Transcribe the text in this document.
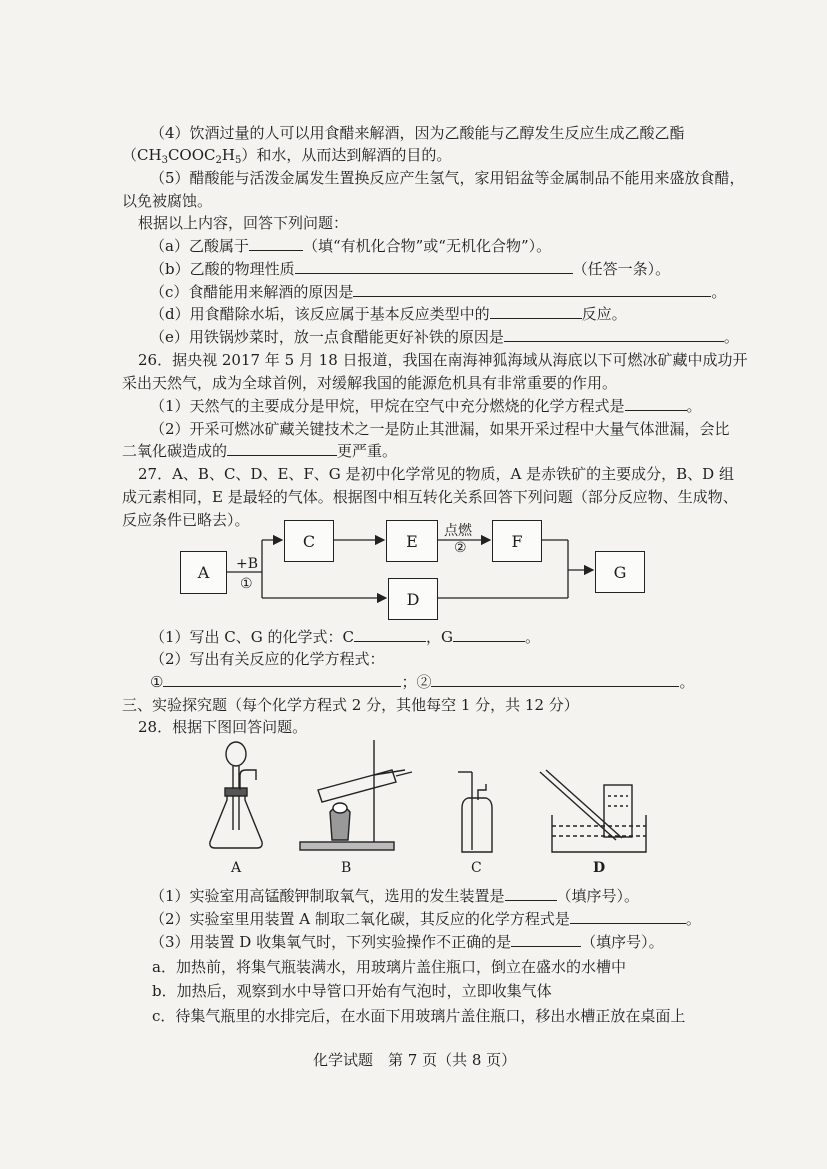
（4）饮酒过量的人可以用食醋来解酒，因为乙酸能与乙醇发生反应生成乙酸乙酯
$(CH_3COOC_2H_5)$和水，从而达到解酒的目的。
（5）醋酸能与活泼金属发生置换反应产生氢气，家用铝盆等金属制品不能用来盛放食醋，
以免被腐蚀。
根据以上内容，回答下列问题：
（a）乙酸属于	（填“有机化合物”或“无机化合物”）。
（b）乙酸的物理性质	（任答一条）。
（c）食醋能用来解酒的原因是	。
（d）用食醋除水垢，该反应属于基本反应类型中的	反应。
（e）用铁锅炒菜时，放一点食醋能更好补铁的原因是	。
26．据央视 2017 年 5 月 18 日报道，我国在南海神狐海域从海底以下可燃冰矿藏中成功开
采出天然气，成为全球首例，对缓解我国的能源危机具有非常重要的作用。
（1）天然气的主要成分是甲烷，甲烷在空气中充分燃烧的化学方程式是	。
（2）开采可燃冰矿藏关键技术之一是防止其泄漏，如果开采过程中大量气体泄漏，会比
二氧化碳造成的	更严重。
27．A、B、C、D、E、F、G 是初中化学常见的物质，A 是赤铁矿的主要成分，B、D 组
成元素相同，E 是最轻的气体。根据图中相互转化关系回答下列问题（部分反应物、生成物、
反应条件已略去）。
A
C	E	F
D
G
+B
①
点燃
②
（1）写出 C、G 的化学式：C	，G	。
（2）写出有关反应的化学方程式：
①	；②	。
三、实验探究题（每个化学方程式 2 分，其他每空 1 分，共 12 分）
28．根据下图回答问题。
A	B	C	D
（1）实验室用高锰酸钾制取氧气，选用的发生装置是	（填序号）。
（2）实验室里用装置 A 制取二氧化碳，其反应的化学方程式是	。
（3）用装置 D 收集氧气时，下列实验操作不正确的是	（填序号）。
a．加热前，将集气瓶装满水，用玻璃片盖住瓶口，倒立在盛水的水槽中
b．加热后，观察到水中导管口开始有气泡时，立即收集气体
c．待集气瓶里的水排完后，在水面下用玻璃片盖住瓶口，移出水槽正放在桌面上
化学试题　第 7 页（共 8 页）
